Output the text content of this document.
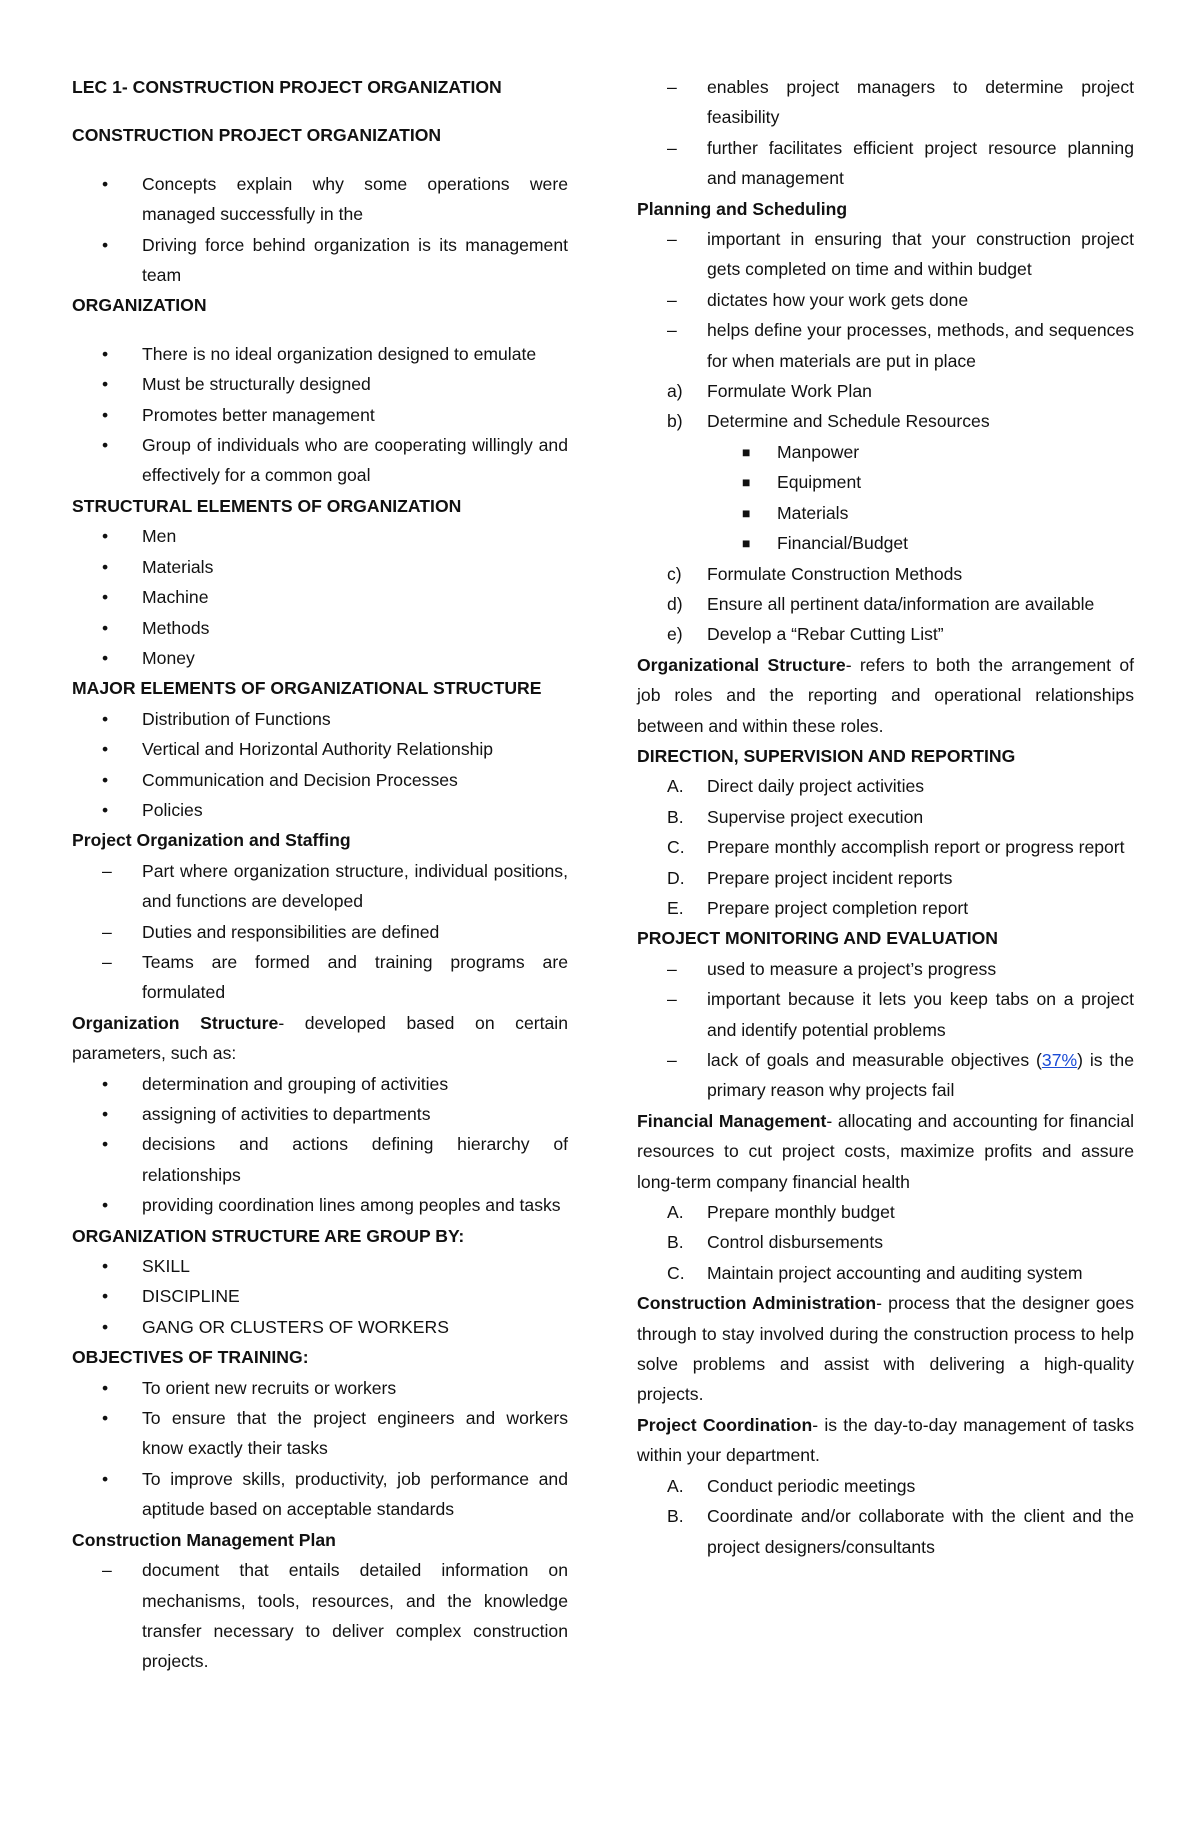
LEC 1- CONSTRUCTION PROJECT ORGANIZATION
CONSTRUCTION PROJECT ORGANIZATION
• Concepts explain why some operations were managed successfully in the
• Driving force behind organization is its management team
ORGANIZATION
• There is no ideal organization designed to emulate
• Must be structurally designed
• Promotes better management
• Group of individuals who are cooperating willingly and effectively for a common goal
STRUCTURAL ELEMENTS OF ORGANIZATION
• Men
• Materials
• Machine
• Methods
• Money
MAJOR ELEMENTS OF ORGANIZATIONAL STRUCTURE
• Distribution of Functions
• Vertical and Horizontal Authority Relationship
• Communication and Decision Processes
• Policies
Project Organization and Staffing
– Part where organization structure, individual positions, and functions are developed
– Duties and responsibilities are defined
– Teams are formed and training programs are formulated
Organization Structure- developed based on certain parameters, such as:
• determination and grouping of activities
• assigning of activities to departments
• decisions and actions defining hierarchy of relationships
• providing coordination lines among peoples and tasks
ORGANIZATION STRUCTURE ARE GROUP BY:
• SKILL
• DISCIPLINE
• GANG OR CLUSTERS OF WORKERS
OBJECTIVES OF TRAINING:
• To orient new recruits or workers
• To ensure that the project engineers and workers know exactly their tasks
• To improve skills, productivity, job performance and aptitude based on acceptable standards
Construction Management Plan
– document that entails detailed information on mechanisms, tools, resources, and the knowledge transfer necessary to deliver complex construction projects.
– enables project managers to determine project feasibility
– further facilitates efficient project resource planning and management
Planning and Scheduling
– important in ensuring that your construction project gets completed on time and within budget
– dictates how your work gets done
– helps define your processes, methods, and sequences for when materials are put in place
a) Formulate Work Plan
b) Determine and Schedule Resources
■ Manpower
■ Equipment
■ Materials
■ Financial/Budget
c) Formulate Construction Methods
d) Ensure all pertinent data/information are available
e) Develop a “Rebar Cutting List”
Organizational Structure- refers to both the arrangement of job roles and the reporting and operational relationships between and within these roles.
DIRECTION, SUPERVISION AND REPORTING
A. Direct daily project activities
B. Supervise project execution
C. Prepare monthly accomplish report or progress report
D. Prepare project incident reports
E. Prepare project completion report
PROJECT MONITORING AND EVALUATION
– used to measure a project’s progress
– important because it lets you keep tabs on a project and identify potential problems
– lack of goals and measurable objectives (37%) is the primary reason why projects fail
Financial Management- allocating and accounting for financial resources to cut project costs, maximize profits and assure long-term company financial health
A. Prepare monthly budget
B. Control disbursements
C. Maintain project accounting and auditing system
Construction Administration- process that the designer goes through to stay involved during the construction process to help solve problems and assist with delivering a high-quality projects.
Project Coordination- is the day-to-day management of tasks within your department.
A. Conduct periodic meetings
B. Coordinate and/or collaborate with the client and the project designers/consultants
